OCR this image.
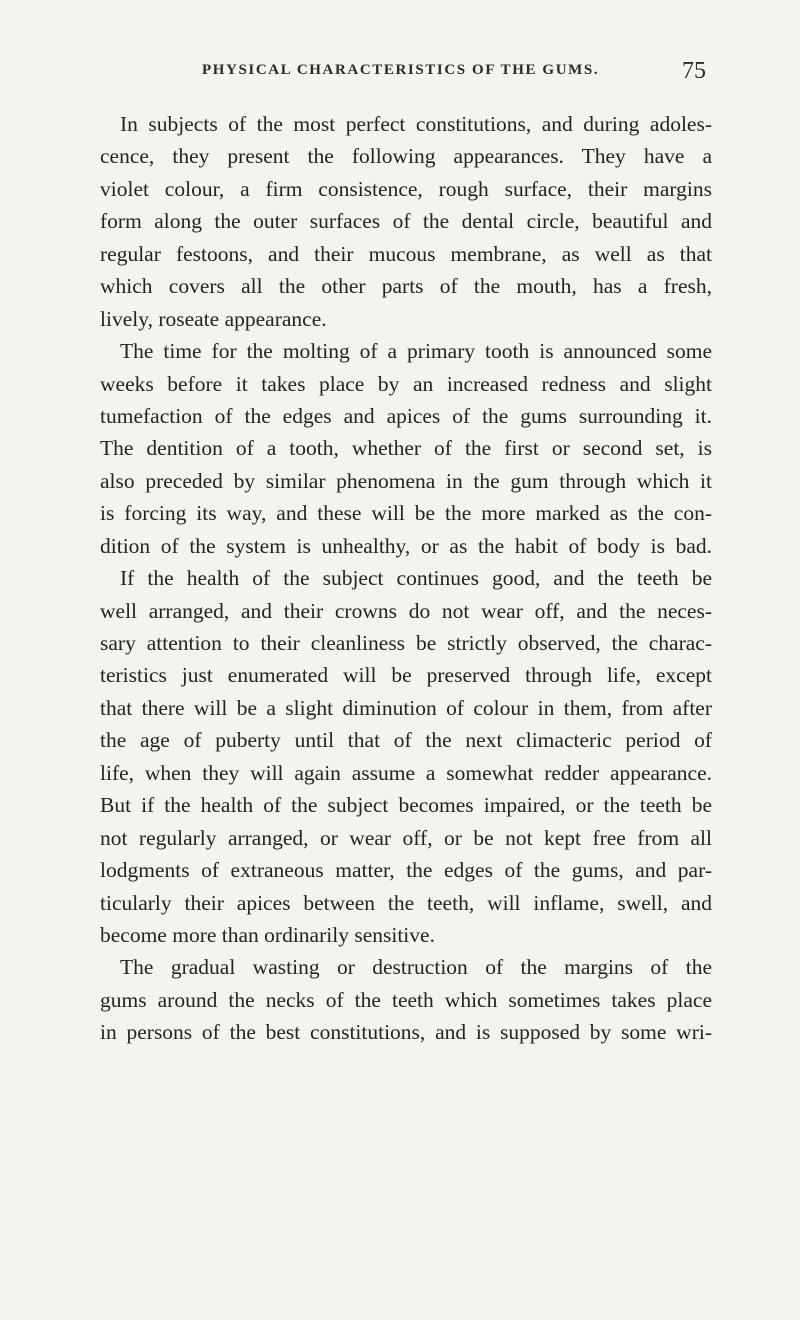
PHYSICAL CHARACTERISTICS OF THE GUMS.	75
In subjects of the most perfect constitutions, and during adoles-
cence, they present the following appearances. They have a
violet colour, a firm consistence, rough surface, their margins
form along the outer surfaces of the dental circle, beautiful and
regular festoons, and their mucous membrane, as well as that
which covers all the other parts of the mouth, has a fresh,
lively, roseate appearance.
The time for the molting of a primary tooth is announced some
weeks before it takes place by an increased redness and slight
tumefaction of the edges and apices of the gums surrounding it.
The dentition of a tooth, whether of the first or second set, is
also preceded by similar phenomena in the gum through which it
is forcing its way, and these will be the more marked as the con-
dition of the system is unhealthy, or as the habit of body is bad.
If the health of the subject continues good, and the teeth be
well arranged, and their crowns do not wear off, and the neces-
sary attention to their cleanliness be strictly observed, the charac-
teristics just enumerated will be preserved through life, except
that there will be a slight diminution of colour in them, from after
the age of puberty until that of the next climacteric period of
life, when they will again assume a somewhat redder appearance.
But if the health of the subject becomes impaired, or the teeth be
not regularly arranged, or wear off, or be not kept free from all
lodgments of extraneous matter, the edges of the gums, and par-
ticularly their apices between the teeth, will inflame, swell, and
become more than ordinarily sensitive.
The gradual wasting or destruction of the margins of the
gums around the necks of the teeth which sometimes takes place
in persons of the best constitutions, and is supposed by some wri-
